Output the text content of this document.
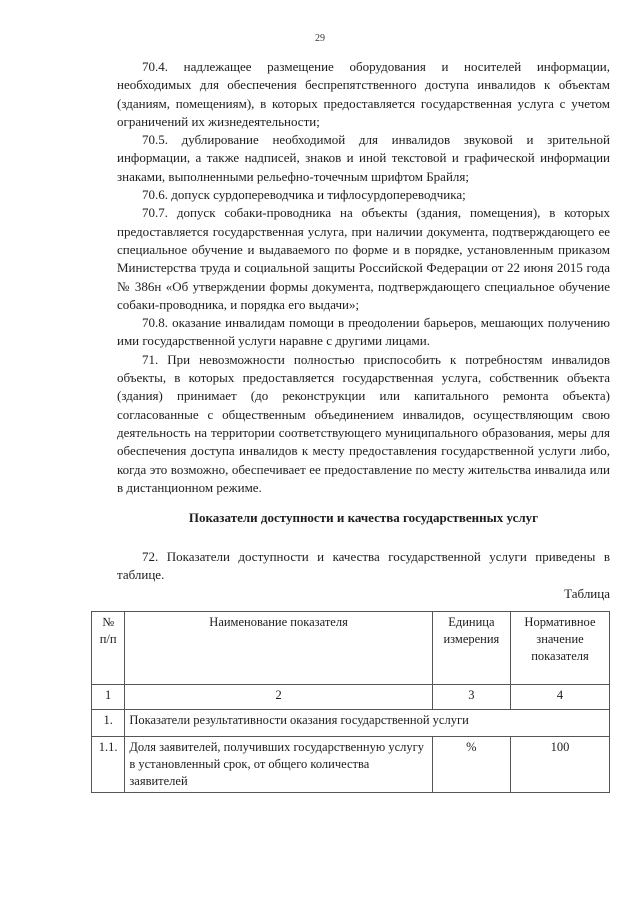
29

70.4. надлежащее размещение оборудования и носителей информации, необходимых для обеспечения беспрепятственного доступа инвалидов к объектам (зданиям, помещениям), в которых предоставляется государственная услуга с учетом ограничений их жизнедеятельности;

70.5. дублирование необходимой для инвалидов звуковой и зрительной информации, а также надписей, знаков и иной текстовой и графической информации знаками, выполненными рельефно-точечным шрифтом Брайля;

70.6. допуск сурдопереводчика и тифлосурдопереводчика;

70.7. допуск собаки-проводника на объекты (здания, помещения), в которых предоставляется государственная услуга, при наличии документа, подтверждающего ее специальное обучение и выдаваемого по форме и в порядке, установленным приказом Министерства труда и социальной защиты Российской Федерации от 22 июня 2015 года № 386н «Об утверждении формы документа, подтверждающего специальное обучение собаки-проводника, и порядка его выдачи»;

70.8. оказание инвалидам помощи в преодолении барьеров, мешающих получению ими государственной услуги наравне с другими лицами.

71. При невозможности полностью приспособить к потребностям инвалидов объекты, в которых предоставляется государственная услуга, собственник объекта (здания) принимает (до реконструкции или капитального ремонта объекта) согласованные с общественным объединением инвалидов, осуществляющим свою деятельность на территории соответствующего муниципального образования, меры для обеспечения доступа инвалидов к месту предоставления государственной услуги либо, когда это возможно, обеспечивает ее предоставление по месту жительства инвалида или в дистанционном режиме.

Показатели доступности и качества государственных услуг
72. Показатели доступности и качества государственной услуги приведены в таблице.
Таблица
№ п/п	Наименование показателя	Единица измерения	Нормативное значение показателя
1	2	3	4
1.	Показатели результативности оказания государственной услуги		
1.1.	Доля заявителей, получивших государственную услугу в установленный срок, от общего количества заявителей	%	100
